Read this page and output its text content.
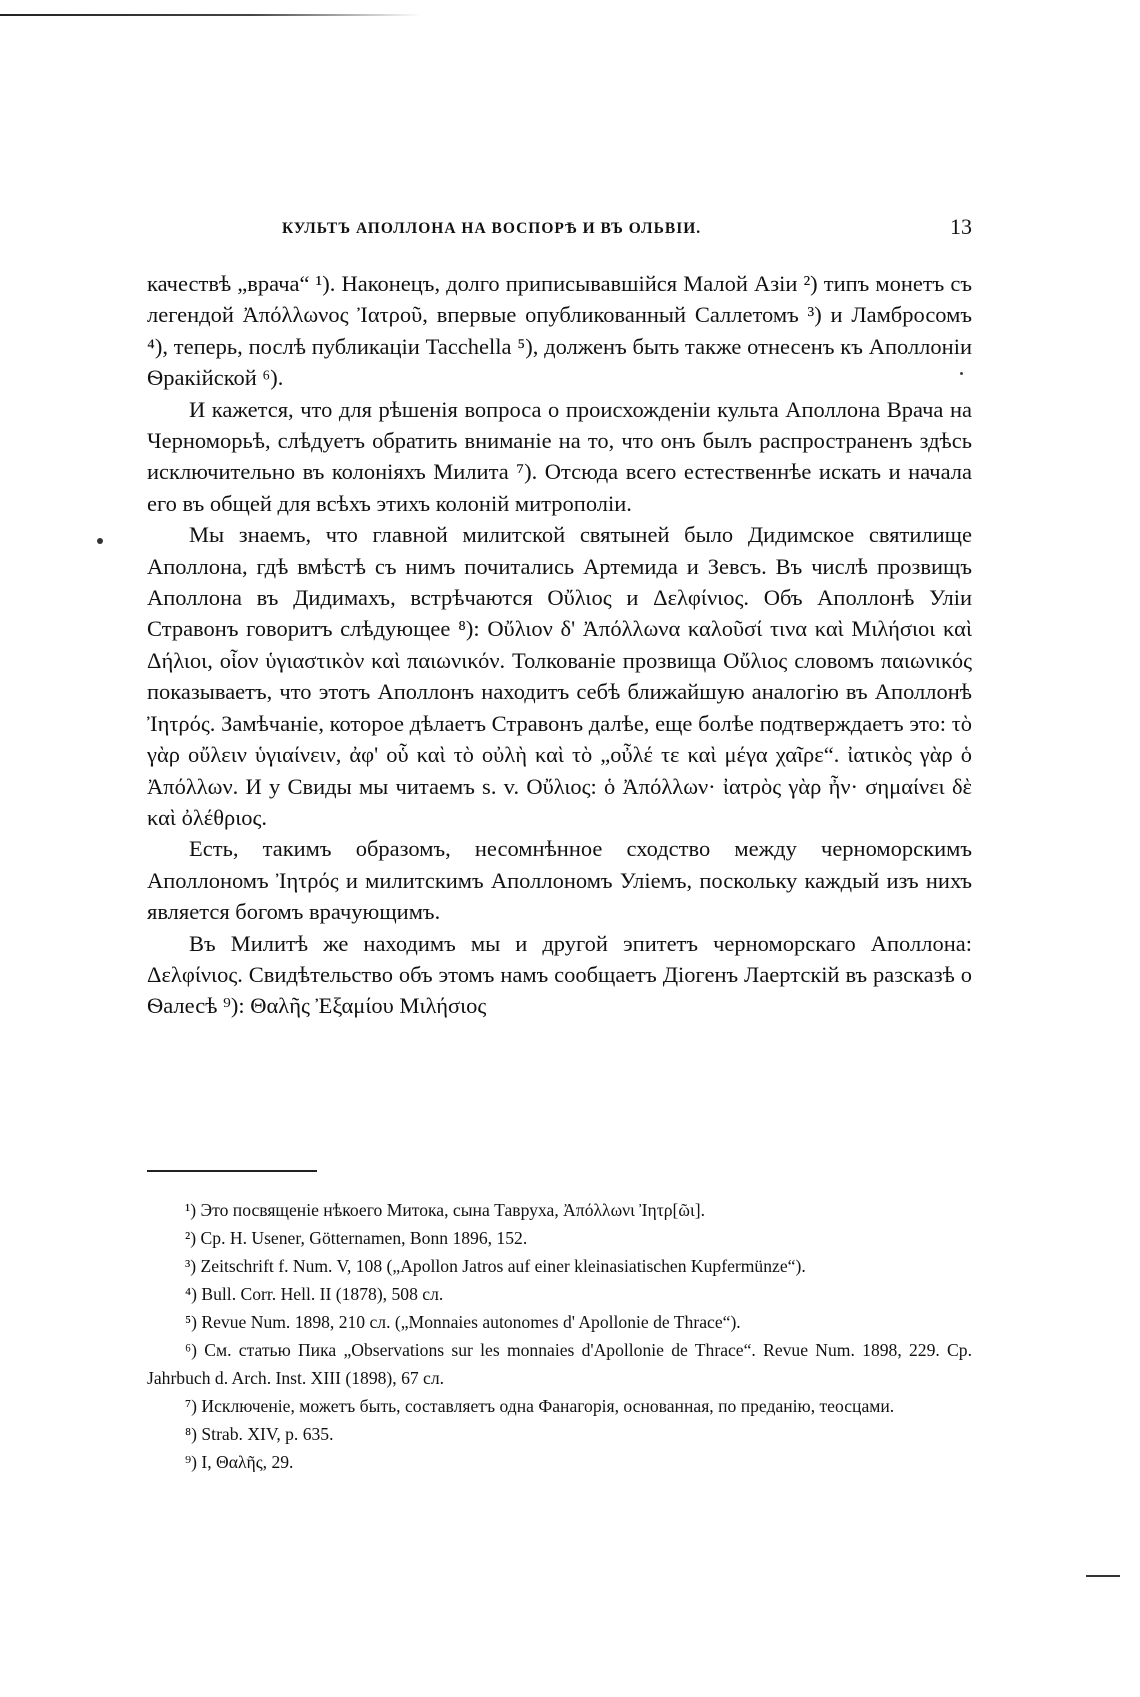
КУЛЬТЪ АПОЛЛОНА НА ВОСПОРѢ И ВЪ ОЛЬВІИ.	13

качествѣ „врача“ ¹). Наконецъ, долго приписывавшійся Малой Азіи ²) типъ монетъ съ легендой Ἀπόλλωνος Ἰατροῦ, впервые опубликованный Саллетомъ ³) и Ламбросомъ ⁴), теперь, послѣ публикаціи Tacchella ⁵), долженъ быть также отнесенъ къ Аполлоніи Ѳракійской ⁶).

И кажется, что для рѣшенія вопроса о происхожденіи культа Аполлона Врача на Черноморьѣ, слѣдуетъ обратить вниманіе на то, что онъ былъ распространенъ здѣсь исключительно въ колоніяхъ Милита ⁷). Отсюда всего естественнѣе искать и начала его въ общей для всѣхъ этихъ колоній митрополіи.

Мы знаемъ, что главной милитской святыней было Дидимское святилище Аполлона, гдѣ вмѣстѣ съ нимъ почитались Артемида и Зевсъ. Въ числѣ прозвищъ Аполлона въ Дидимахъ, встрѣчаются Οὔλιος и Δελφίνιος. Объ Аполлонѣ Уліи Стравонъ говоритъ слѣдующее ⁸): Οὔλιον δ' Ἀπόλλωνα καλοῦσί τινα καὶ Μιλήσιοι καὶ Δήλιοι, οἷον ὑγιαστικὸν καὶ παιωνικόν. Толкованіе прозвища Οὔλιος словомъ παιωνικός показываетъ, что этотъ Аполлонъ находитъ себѣ ближайшую аналогію въ Аполлонѣ Ἰητρός. Замѣчаніе, которое дѣлаетъ Стравонъ далѣе, еще болѣе подтверждаетъ это: τὸ γὰρ οὔλειν ὑγιαίνειν, ἀφ' οὗ καὶ τὸ οὐλὴ καὶ τὸ „οὖλέ τε καὶ μέγα χαῖρε“. ἰατικὸς γὰρ ὁ Ἀπόλλων. И у Свиды мы читаемъ s. v. Οὔλιος: ὁ Ἀπόλλων· ἰατρὸς γὰρ ἦν· σημαίνει δὲ καὶ ὀλέθριος.

Есть, такимъ образомъ, несомнѣнное сходство между черноморскимъ Аполлономъ Ἰητρός и милитскимъ Аполлономъ Уліемъ, поскольку каждый изъ нихъ является богомъ врачующимъ.

Въ Милитѣ же находимъ мы и другой эпитетъ черноморскаго Аполлона: Δελφίνιος. Свидѣтельство объ этомъ намъ сообщаетъ Діогенъ Лаертскій въ разсказѣ о Ѳалесѣ ⁹): Θαλῆς Ἐξαμίου Μιλήσιος

¹) Это посвященіе нѣкоего Митока, сына Тавруха, Ἀπόλλωνι Ἰητρ[ῶι].

²) Ср. H. Usener, Götternamen, Bonn 1896, 152.

³) Zeitschrift f. Num. V, 108 („Apollon Jatros auf einer kleinasiatischen Kupfermünze“).

⁴) Bull. Corr. Hell. II (1878), 508 сл.

⁵) Revue Num. 1898, 210 сл. („Monnaies autonomes d' Apollonie de Thrace“).

⁶) См. статью Пика „Observations sur les monnaies d'Apollonie de Thrace“. Revue Num. 1898, 229. Ср. Jahrbuch d. Arch. Inst. XIII (1898), 67 сл.

⁷) Исключеніе, можетъ быть, составляетъ одна Фанагорія, основанная, по преданію, теосцами.

⁸) Strab. XIV, p. 635.

⁹) I, Θαλῆς, 29.
